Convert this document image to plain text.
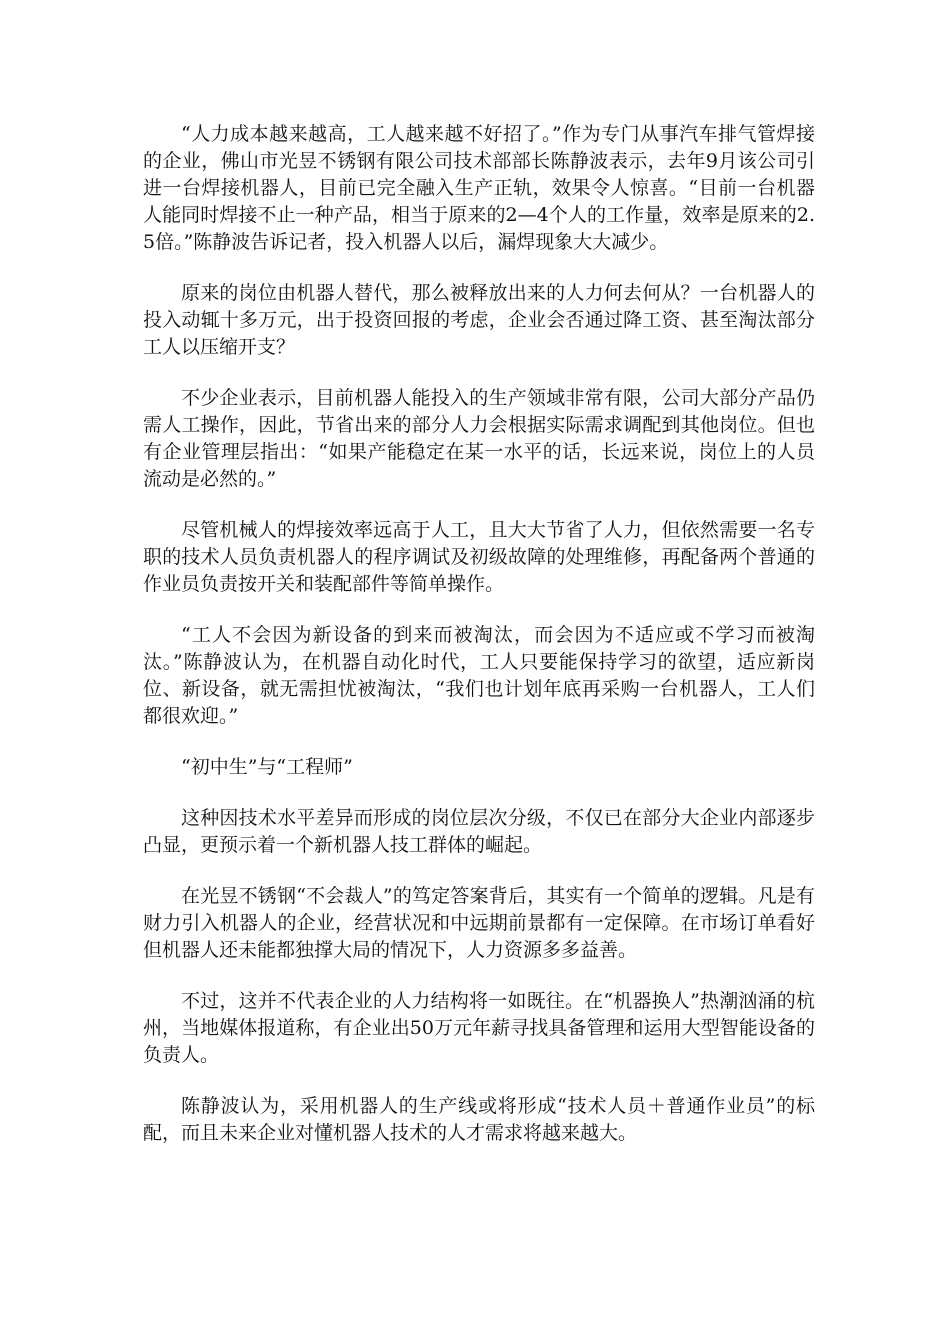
“人力成本越来越高，工人越来越不好招了。”作为专门从事汽车排气管焊接的企业，佛山市光昱不锈钢有限公司技术部部长陈静波表示，去年9月该公司引进一台焊接机器人，目前已完全融入生产正轨，效果令人惊喜。“目前一台机器人能同时焊接不止一种产品，相当于原来的2—4个人的工作量，效率是原来的2.5倍。”陈静波告诉记者，投入机器人以后，漏焊现象大大减少。

原来的岗位由机器人替代，那么被释放出来的人力何去何从？一台机器人的投入动辄十多万元，出于投资回报的考虑，企业会否通过降工资、甚至淘汰部分工人以压缩开支？

不少企业表示，目前机器人能投入的生产领域非常有限，公司大部分产品仍需人工操作，因此，节省出来的部分人力会根据实际需求调配到其他岗位。但也有企业管理层指出：“如果产能稳定在某一水平的话，长远来说，岗位上的人员流动是必然的。”

尽管机械人的焊接效率远高于人工，且大大节省了人力，但依然需要一名专职的技术人员负责机器人的程序调试及初级故障的处理维修，再配备两个普通的作业员负责按开关和装配部件等简单操作。

“工人不会因为新设备的到来而被淘汰，而会因为不适应或不学习而被淘汰。”陈静波认为，在机器自动化时代，工人只要能保持学习的欲望，适应新岗位、新设备，就无需担忧被淘汰，“我们也计划年底再采购一台机器人，工人们都很欢迎。”

“初中生”与“工程师”

这种因技术水平差异而形成的岗位层次分级，不仅已在部分大企业内部逐步凸显，更预示着一个新机器人技工群体的崛起。

在光昱不锈钢“不会裁人”的笃定答案背后，其实有一个简单的逻辑。凡是有财力引入机器人的企业，经营状况和中远期前景都有一定保障。在市场订单看好但机器人还未能都独撑大局的情况下，人力资源多多益善。

不过，这并不代表企业的人力结构将一如既往。在“机器换人”热潮汹涌的杭州，当地媒体报道称，有企业出50万元年薪寻找具备管理和运用大型智能设备的负责人。

陈静波认为，采用机器人的生产线或将形成“技术人员＋普通作业员”的标配，而且未来企业对懂机器人技术的人才需求将越来越大。
